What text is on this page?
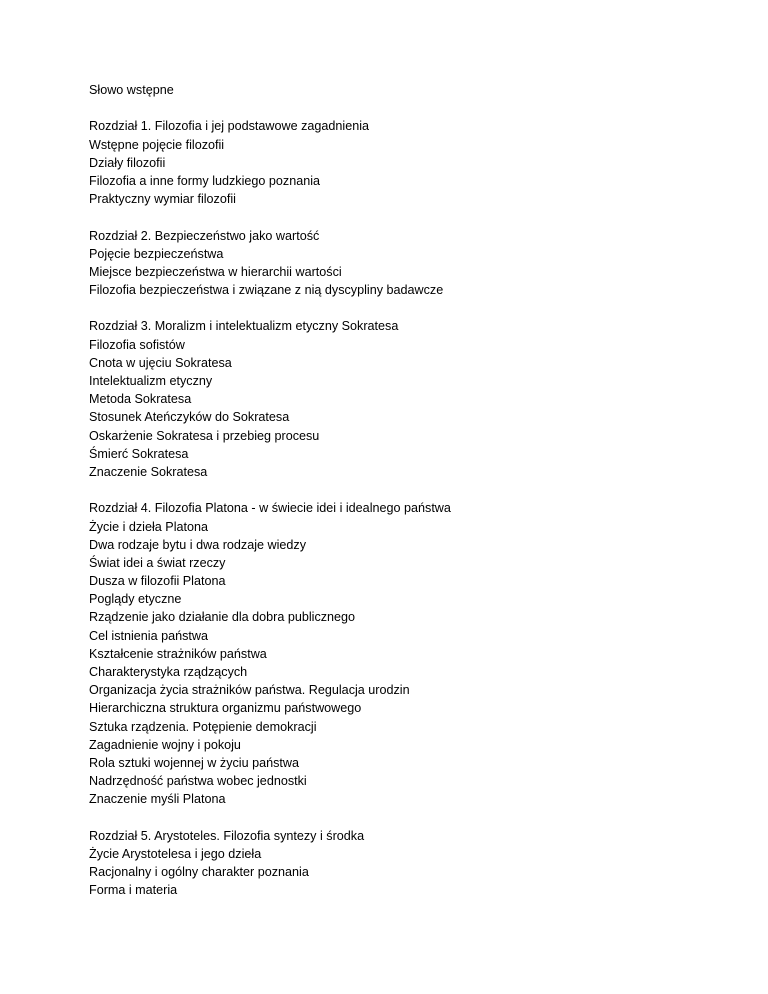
Słowo wstępne
Rozdział 1. Filozofia i jej podstawowe zagadnienia
Wstępne pojęcie filozofii
Działy filozofii
Filozofia a inne formy ludzkiego poznania
Praktyczny wymiar filozofii
Rozdział 2. Bezpieczeństwo jako wartość
Pojęcie bezpieczeństwa
Miejsce bezpieczeństwa w hierarchii wartości
Filozofia bezpieczeństwa i związane z nią dyscypliny badawcze
Rozdział 3. Moralizm i intelektualizm etyczny Sokratesa
Filozofia sofistów
Cnota w ujęciu Sokratesa
Intelektualizm etyczny
Metoda Sokratesa
Stosunek Ateńczyków do Sokratesa
Oskarżenie Sokratesa i przebieg procesu
Śmierć Sokratesa
Znaczenie Sokratesa
Rozdział 4. Filozofia Platona - w świecie idei i idealnego państwa
Życie i dzieła Platona
Dwa rodzaje bytu i dwa rodzaje wiedzy
Świat idei a świat rzeczy
Dusza w filozofii Platona
Poglądy etyczne
Rządzenie jako działanie dla dobra publicznego
Cel istnienia państwa
Kształcenie strażników państwa
Charakterystyka rządzących
Organizacja życia strażników państwa. Regulacja urodzin
Hierarchiczna struktura organizmu państwowego
Sztuka rządzenia. Potępienie demokracji
Zagadnienie wojny i pokoju
Rola sztuki wojennej w życiu państwa
Nadrzędność państwa wobec jednostki
Znaczenie myśli Platona
Rozdział 5. Arystoteles. Filozofia syntezy i środka
Życie Arystotelesa i jego dzieła
Racjonalny i ogólny charakter poznania
Forma i materia
